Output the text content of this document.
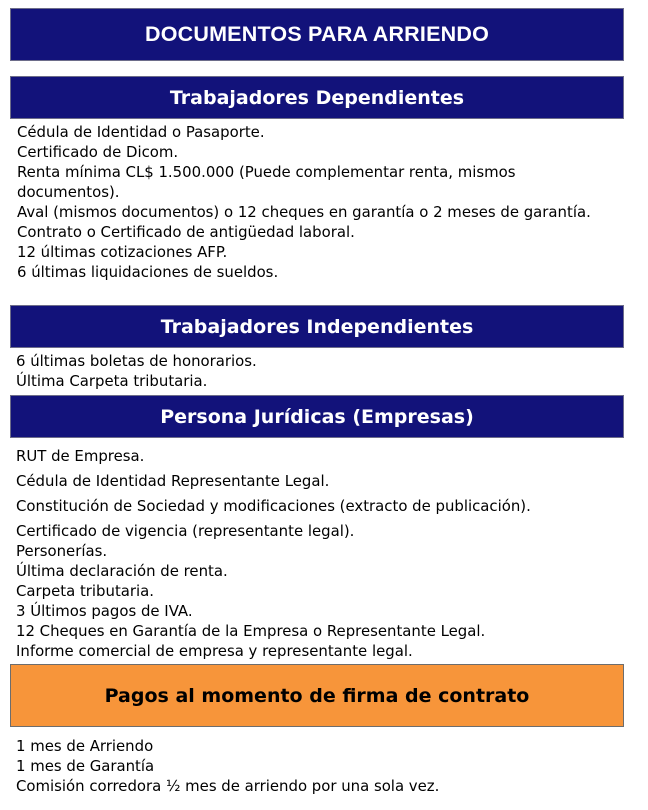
DOCUMENTOS PARA ARRIENDO
Trabajadores Dependientes
Cédula de Identidad o Pasaporte.
Certificado de Dicom.
Renta mínima CL$ 1.500.000 (Puede complementar renta, mismos documentos).
Aval (mismos documentos) o 12 cheques en garantía o 2 meses de garantía.
Contrato o Certificado de antigüedad laboral.
12 últimas cotizaciones AFP.
6 últimas liquidaciones de sueldos.
Trabajadores Independientes
6 últimas boletas de honorarios.
Última Carpeta tributaria.
Persona Jurídicas (Empresas)
RUT de Empresa.
Cédula de Identidad Representante Legal.
Constitución de Sociedad y modificaciones (extracto de publicación).
Certificado de vigencia (representante legal).
Personerías.
Última declaración de renta.
Carpeta tributaria.
3 Últimos pagos de IVA.
12 Cheques en Garantía de la Empresa o Representante Legal.
Informe comercial de empresa y representante legal.
Pagos al momento de firma de contrato
1 mes de Arriendo
1 mes de Garantía
Comisión corredora ½ mes de arriendo por una sola vez.
